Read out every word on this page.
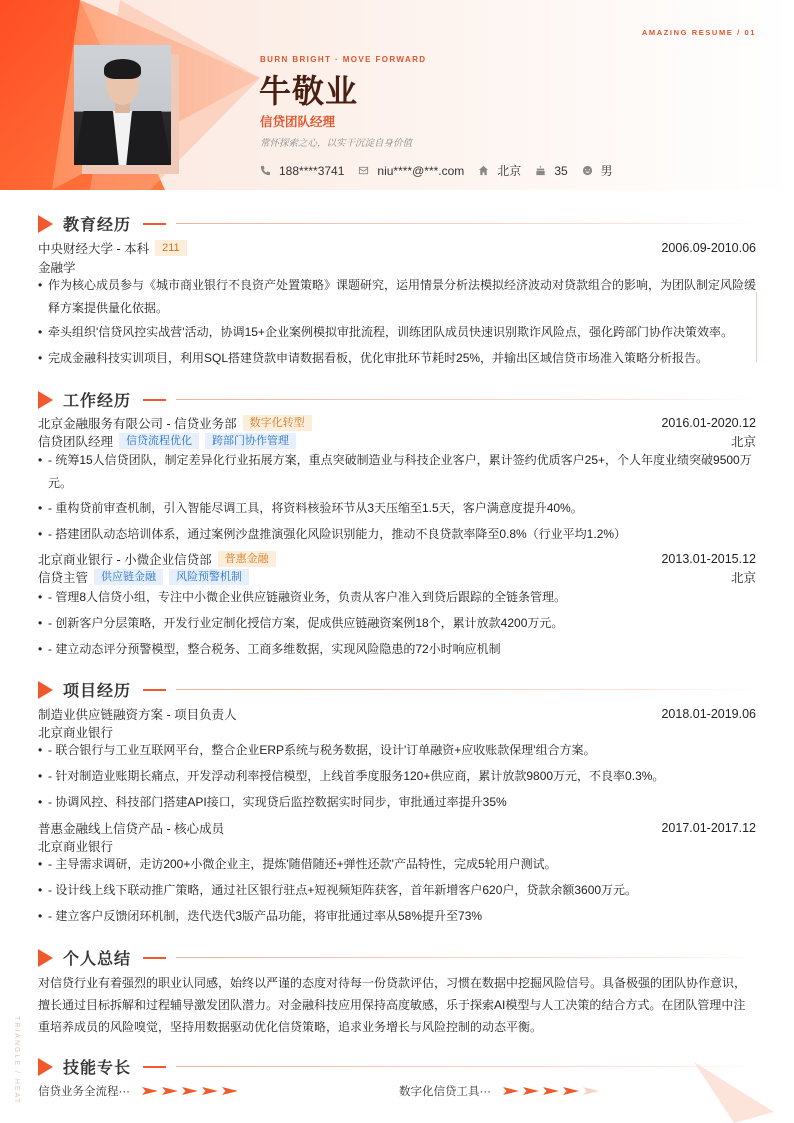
AMAZING RESUME / 01
BURN BRIGHT · MOVE FORWARD
牛敬业
信贷团队经理
常怀探索之心，以实干沉淀自身价值
188****3741	niu****@***.com	北京	35	男
教育经历
中央财经大学 - 本科	211	2006.09-2010.06
金融学
• 作为核心成员参与《城市商业银行不良资产处置策略》课题研究，运用情景分析法模拟经济波动对贷款组合的影响，为团队制定风险缓释方案提供量化依据。
• 牵头组织'信贷风控实战营'活动，协调15+企业案例模拟审批流程，训练团队成员快速识别欺诈风险点，强化跨部门协作决策效率。
• 完成金融科技实训项目，利用SQL搭建贷款申请数据看板，优化审批环节耗时25%，并输出区域信贷市场准入策略分析报告。
工作经历
北京金融服务有限公司 - 信贷业务部	数字化转型	2016.01-2020.12
信贷团队经理	信贷流程优化	跨部门协作管理	北京
• - 统筹15人信贷团队，制定差异化行业拓展方案，重点突破制造业与科技企业客户，累计签约优质客户25+，个人年度业绩突破9500万元。
• - 重构贷前审查机制，引入智能尽调工具，将资料核验环节从3天压缩至1.5天，客户满意度提升40%。
• - 搭建团队动态培训体系，通过案例沙盘推演强化风险识别能力，推动不良贷款率降至0.8%（行业平均1.2%）
北京商业银行 - 小微企业信贷部	普惠金融	2013.01-2015.12
信贷主管	供应链金融	风险预警机制	北京
• - 管理8人信贷小组，专注中小微企业供应链融资业务，负责从客户准入到贷后跟踪的全链条管理。
• - 创新客户分层策略，开发行业定制化授信方案，促成供应链融资案例18个，累计放款4200万元。
• - 建立动态评分预警模型，整合税务、工商多维数据，实现风险隐患的72小时响应机制
项目经历
制造业供应链融资方案 - 项目负责人	2018.01-2019.06
北京商业银行
• - 联合银行与工业互联网平台，整合企业ERP系统与税务数据，设计'订单融资+应收账款保理'组合方案。
• - 针对制造业账期长痛点，开发浮动利率授信模型，上线首季度服务120+供应商，累计放款9800万元，不良率0.3%。
• - 协调风控、科技部门搭建API接口，实现贷后监控数据实时同步，审批通过率提升35%
普惠金融线上信贷产品 - 核心成员	2017.01-2017.12
北京商业银行
• - 主导需求调研，走访200+小微企业主，提炼'随借随还+弹性还款'产品特性，完成5轮用户测试。
• - 设计线上线下联动推广策略，通过社区银行驻点+短视频矩阵获客，首年新增客户620户，贷款余额3600万元。
• - 建立客户反馈闭环机制，迭代迭代3版产品功能，将审批通过率从58%提升至73%
个人总结
对信贷行业有着强烈的职业认同感，始终以严谨的态度对待每一份贷款评估，习惯在数据中挖掘风险信号。具备极强的团队协作意识，擅长通过目标拆解和过程辅导激发团队潜力。对金融科技应用保持高度敏感，乐于探索AI模型与人工决策的结合方式。在团队管理中注重培养成员的风险嗅觉，坚持用数据驱动优化信贷策略，追求业务增长与风险控制的动态平衡。
技能专长
信贷业务全流程···	数字化信贷工具···
TRIANGLE / HEAT
